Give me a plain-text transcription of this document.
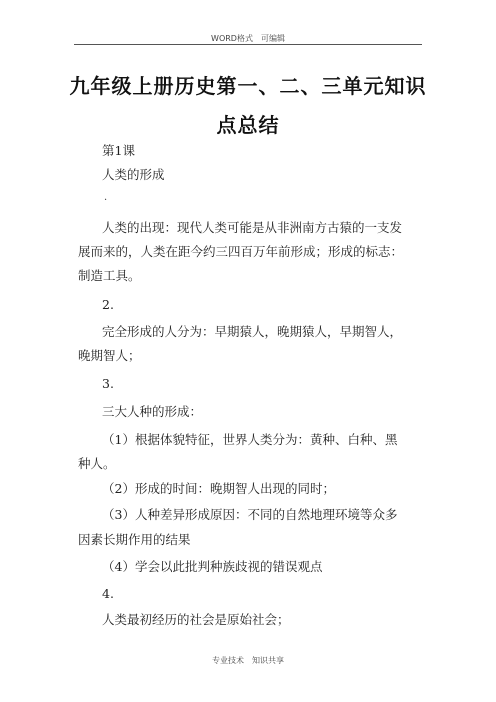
WORD格式 可编辑
九年级上册历史第一、二、三单元知识
点总结
第1课
人类的形成
·
人类的出现：现代人类可能是从非洲南方古猿的一支发
展而来的，人类在距今约三四百万年前形成；形成的标志：
制造工具。
2.
完全形成的人分为：早期猿人，晚期猿人，早期智人，
晚期智人；
3.
三大人种的形成：
（1）根据体貌特征，世界人类分为：黄种、白种、黑
种人。
（2）形成的时间：晚期智人出现的同时；
（3）人种差异形成原因：不同的自然地理环境等众多
因素长期作用的结果
（4）学会以此批判种族歧视的错误观点
4.
人类最初经历的社会是原始社会；
专业技术 知识共享
